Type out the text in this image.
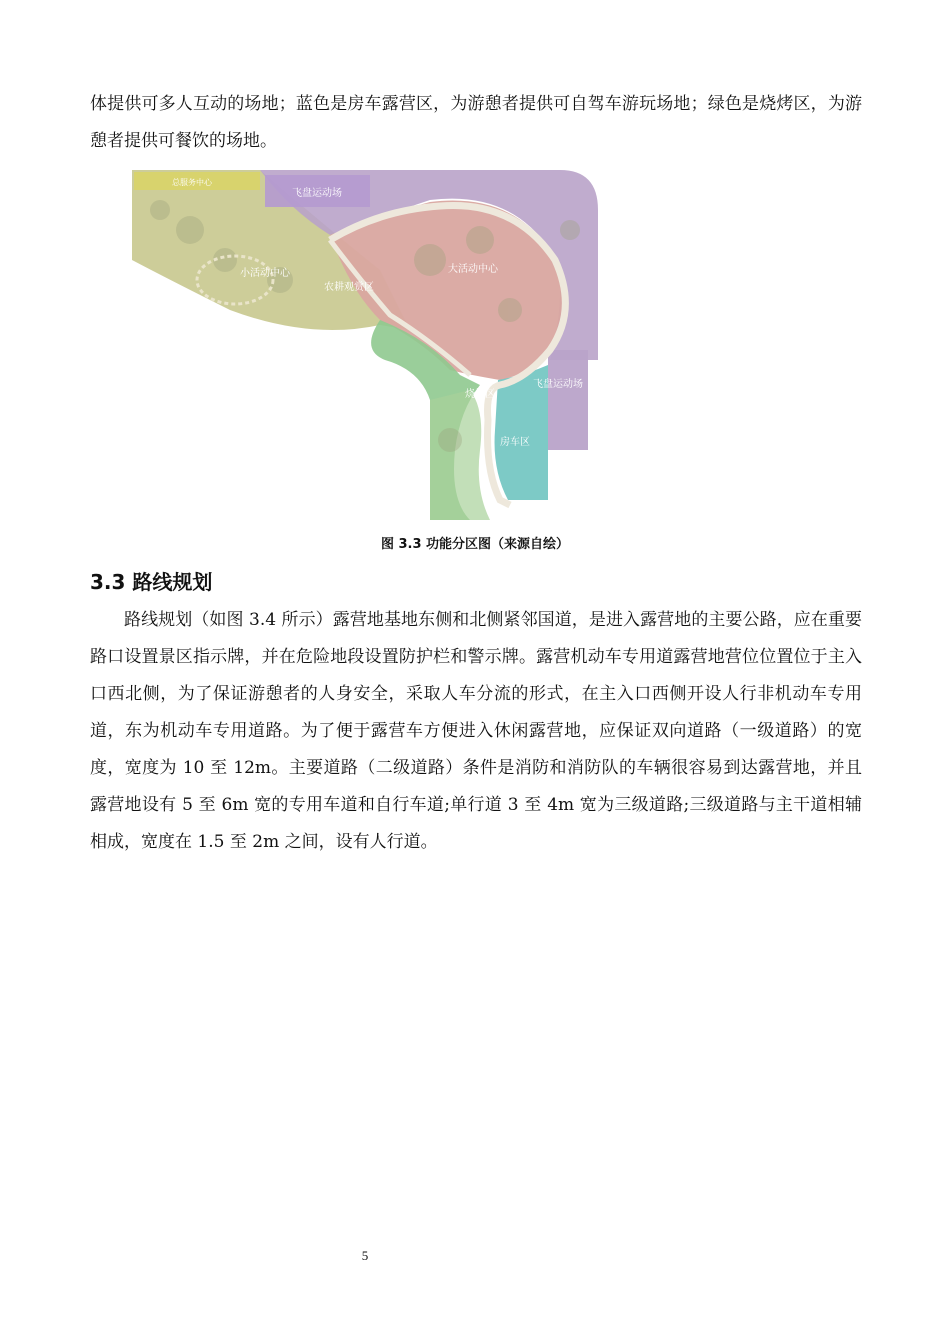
体提供可多人互动的场地；蓝色是房车露营区，为游憩者提供可自驾车游玩场地；绿色是烧烤区，为游憩者提供可餐饮的场地。

总服务中心
飞盘运动场
小活动中心	大活动中心
农耕观赏区
飞盘运动场
烧烤区
房车区
图 3.3 功能分区图（来源自绘）
3.3 路线规划

路线规划（如图 3.4 所示）露营地基地东侧和北侧紧邻国道，是进入露营地的主要公路，应在重要路口设置景区指示牌，并在危险地段设置防护栏和警示牌。露营机动车专用道露营地营位位置位于主入口西北侧，为了保证游憩者的人身安全，采取人车分流的形式，在主入口西侧开设人行非机动车专用道，东为机动车专用道路。为了便于露营车方便进入休闲露营地，应保证双向道路（一级道路）的宽度，宽度为 10 至 12m。主要道路（二级道路）条件是消防和消防队的车辆很容易到达露营地，并且露营地设有 5 至 6m 宽的专用车道和自行车道;单行道 3 至 4m 宽为三级道路;三级道路与主干道相辅相成，宽度在 1.5 至 2m 之间，设有人行道。

5
